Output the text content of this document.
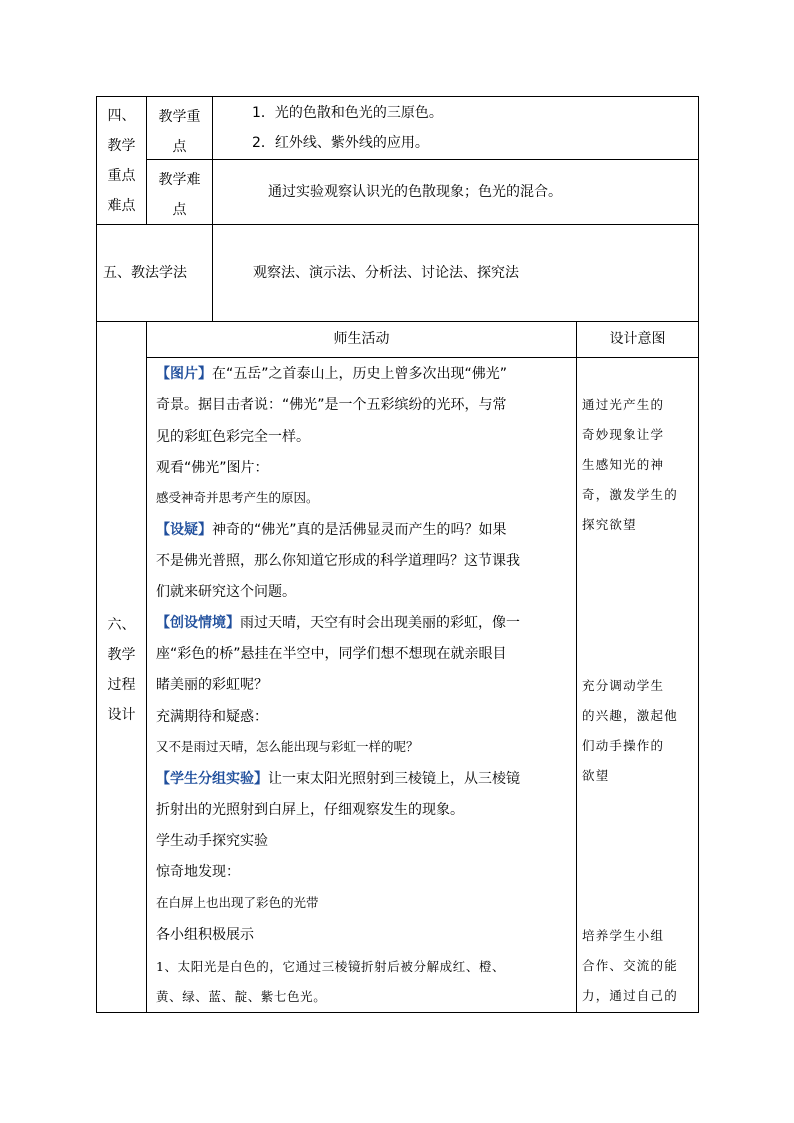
四、
教学
重点
难点
教学重
点
1．光的色散和色光的三原色。
2．红外线、紫外线的应用。
教学难
点
通过实验观察认识光的色散现象；色光的混合。
五、教法学法	观察法、演示法、分析法、讨论法、探究法
六、
教学
过程
设计
师生活动	设计意图
【图片】在“五岳”之首泰山上，历史上曾多次出现“佛光”
奇景。据目击者说：“佛光”是一个五彩缤纷的光环，与常
见的彩虹色彩完全一样。
观看“佛光”图片：
感受神奇并思考产生的原因。
【设疑】神奇的“佛光”真的是活佛显灵而产生的吗？如果
不是佛光普照，那么你知道它形成的科学道理吗？这节课我
们就来研究这个问题。
【创设情境】雨过天晴，天空有时会出现美丽的彩虹，像一
座“彩色的桥”悬挂在半空中，同学们想不想现在就亲眼目
睹美丽的彩虹呢？
充满期待和疑惑：
又不是雨过天晴，怎么能出现与彩虹一样的呢？
【学生分组实验】让一束太阳光照射到三棱镜上，从三棱镜
折射出的光照射到白屏上，仔细观察发生的现象。
学生动手探究实验
惊奇地发现：
在白屏上也出现了彩色的光带
各小组积极展示
1、太阳光是白色的，它通过三棱镜折射后被分解成红、橙、
黄、绿、蓝、靛、紫七色光。
通过光产生的
奇妙现象让学
生感知光的神
奇，激发学生的
探究欲望
充分调动学生
的兴趣，激起他
们动手操作的
欲望
培养学生小组
合作、交流的能
力，通过自己的
